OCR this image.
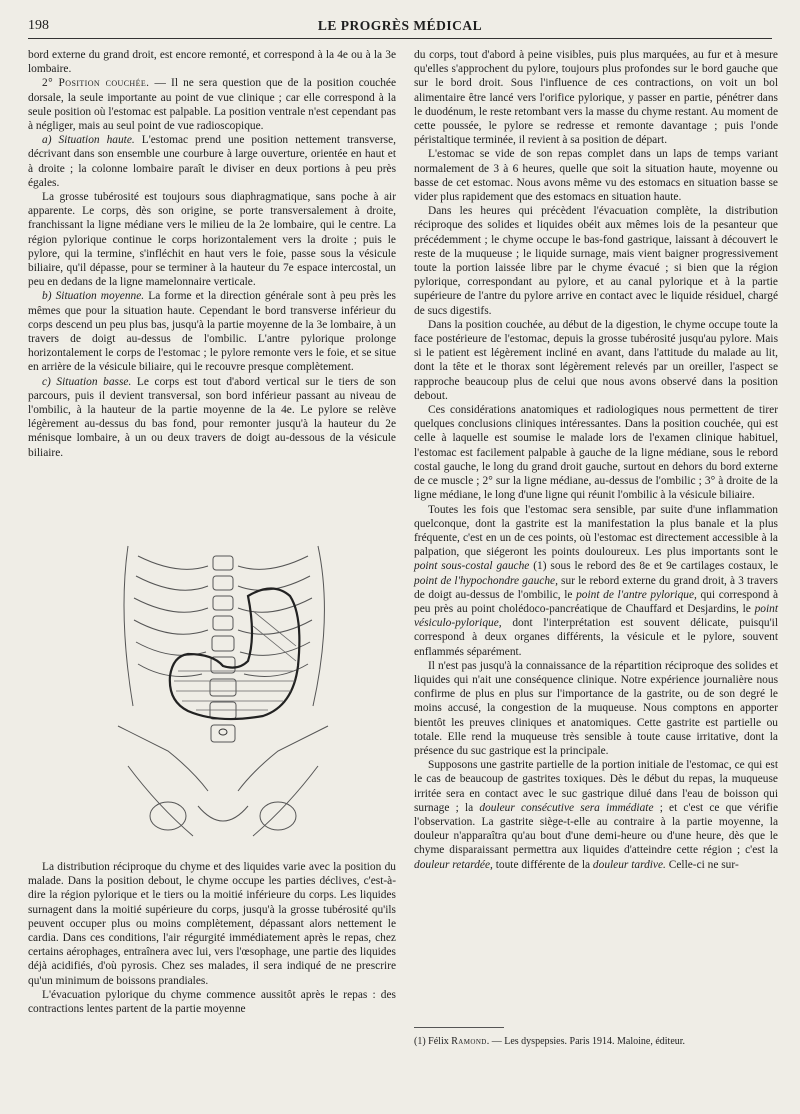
198	LE PROGRÈS MÉDICAL

bord externe du grand droit, est encore remonté, et correspond à la 4e ou à la 3e lombaire.

2° Position couchée. — Il ne sera question que de la position couchée dorsale, la seule importante au point de vue clinique ; car elle correspond à la seule position où l'estomac est palpable. La position ventrale n'est cependant pas à négliger, mais au seul point de vue radioscopique.

a) Situation haute. L'estomac prend une position nettement transverse, décrivant dans son ensemble une courbure à large ouverture, orientée en haut et à droite ; la colonne lombaire paraît le diviser en deux portions à peu près égales.

La grosse tubérosité est toujours sous diaphragmatique, sans poche à air apparente. Le corps, dès son origine, se porte transversalement à droite, franchissant la ligne médiane vers le milieu de la 2e lombaire, qui le centre. La région pylorique continue le corps horizontalement vers la droite ; puis le pylore, qui la termine, s'infléchit en haut vers le foie, passe sous la vésicule biliaire, qu'il dépasse, pour se terminer à la hauteur du 7e espace intercostal, un peu en dedans de la ligne mamelonnaire verticale.

b) Situation moyenne. La forme et la direction générale sont à peu près les mêmes que pour la situation haute. Cependant le bord transverse inférieur du corps descend un peu plus bas, jusqu'à la partie moyenne de la 3e lombaire, à un travers de doigt au-dessus de l'ombilic. L'antre pylorique prolonge horizontalement le corps de l'estomac ; le pylore remonte vers le foie, et se situe en arrière de la vésicule biliaire, qui le recouvre presque complètement.

c) Situation basse. Le corps est tout d'abord vertical sur le tiers de son parcours, puis il devient transversal, son bord inférieur passant au niveau de l'ombilic, à la hauteur de la partie moyenne de la 4e. Le pylore se relève légèrement au-dessus du bas fond, pour remonter jusqu'à la hauteur du 2e ménisque lombaire, à un ou deux travers de doigt au-dessous de la vésicule biliaire.

La distribution réciproque du chyme et des liquides varie avec la position du malade. Dans la position debout, le chyme occupe les parties déclives, c'est-à-dire la région pylorique et le tiers ou la moitié inférieure du corps. Les liquides surnagent dans la moitié supérieure du corps, jusqu'à la grosse tubérosité qu'ils peuvent occuper plus ou moins complètement, dépassant alors nettement le cardia. Dans ces conditions, l'air régurgité immédiatement après le repas, chez certains aérophages, entraînera avec lui, vers l'œsophage, une partie des liquides déjà acidifiés, d'où pyrosis. Chez ses malades, il sera indiqué de ne prescrire qu'un minimum de boissons prandiales.

L'évacuation pylorique du chyme commence aussitôt après le repas : des contractions lentes partent de la partie moyenne

du corps, tout d'abord à peine visibles, puis plus marquées, au fur et à mesure qu'elles s'approchent du pylore, toujours plus profondes sur le bord gauche que sur le bord droit. Sous l'influence de ces contractions, on voit un bol alimentaire être lancé vers l'orifice pylorique, y passer en partie, pénétrer dans le duodénum, le reste retombant vers la masse du chyme restant. Au moment de cette poussée, le pylore se redresse et remonte davantage ; puis l'onde péristaltique terminée, il revient à sa position de départ.

L'estomac se vide de son repas complet dans un laps de temps variant normalement de 3 à 6 heures, quelle que soit la situation haute, moyenne ou basse de cet estomac. Nous avons même vu des estomacs en situation basse se vider plus rapidement que des estomacs en situation haute.

Dans les heures qui précèdent l'évacuation complète, la distribution réciproque des solides et liquides obéit aux mêmes lois de la pesanteur que précédemment ; le chyme occupe le bas-fond gastrique, laissant à découvert le reste de la muqueuse ; le liquide surnage, mais vient baigner progressivement toute la portion laissée libre par le chyme évacué ; si bien que la région pylorique, correspondant au pylore, et au canal pylorique et à la partie supérieure de l'antre du pylore arrive en contact avec le liquide résiduel, chargé de sucs digestifs.

Dans la position couchée, au début de la digestion, le chyme occupe toute la face postérieure de l'estomac, depuis la grosse tubérosité jusqu'au pylore. Mais si le patient est légèrement incliné en avant, dans l'attitude du malade au lit, dont la tête et le thorax sont légèrement relevés par un oreiller, l'aspect se rapproche beaucoup plus de celui que nous avons observé dans la position debout.

Ces considérations anatomiques et radiologiques nous permettent de tirer quelques conclusions cliniques intéressantes. Dans la position couchée, qui est celle à laquelle est soumise le malade lors de l'examen clinique habituel, l'estomac est facilement palpable à gauche de la ligne médiane, sous le rebord costal gauche, le long du grand droit gauche, surtout en dehors du bord externe de ce muscle ; 2° sur la ligne médiane, au-dessus de l'ombilic ; 3° à droite de la ligne médiane, le long d'une ligne qui réunit l'ombilic à la vésicule biliaire.

Toutes les fois que l'estomac sera sensible, par suite d'une inflammation quelconque, dont la gastrite est la manifestation la plus banale et la plus fréquente, c'est en un de ces points, où l'estomac est directement accessible à la palpation, que siégeront les points douloureux. Les plus importants sont le point sous-costal gauche (1) sous le rebord des 8e et 9e cartilages costaux, le point de l'hypochondre gauche, sur le rebord externe du grand droit, à 3 travers de doigt au-dessus de l'ombilic, le point de l'antre pylorique, qui correspond à peu près au point cholédoco-pancréatique de Chauffard et Desjardins, le point vésiculo-pylorique, dont l'interprétation est souvent délicate, puisqu'il correspond à deux organes différents, la vésicule et le pylore, souvent enflammés séparément.

Il n'est pas jusqu'à la connaissance de la répartition réciproque des solides et liquides qui n'ait une conséquence clinique. Notre expérience journalière nous confirme de plus en plus sur l'importance de la gastrite, ou de son degré le moins accusé, la congestion de la muqueuse. Nous comptons en apporter bientôt les preuves cliniques et anatomiques. Cette gastrite est partielle ou totale. Elle rend la muqueuse très sensible à toute cause irritative, dont la présence du suc gastrique est la principale.

Supposons une gastrite partielle de la portion initiale de l'estomac, ce qui est le cas de beaucoup de gastrites toxiques. Dès le début du repas, la muqueuse irritée sera en contact avec le suc gastrique dilué dans l'eau de boisson qui surnage ; la douleur consécutive sera immédiate ; et c'est ce que vérifie l'observation. La gastrite siège-t-elle au contraire à la partie moyenne, la douleur n'apparaîtra qu'au bout d'une demi-heure ou d'une heure, dès que le chyme disparaissant permettra aux liquides d'atteindre cette région ; c'est la douleur retardée, toute différente de la douleur tardive. Celle-ci ne sur-

(1) Félix Ramond. — Les dyspepsies. Paris 1914. Maloine, éditeur.
